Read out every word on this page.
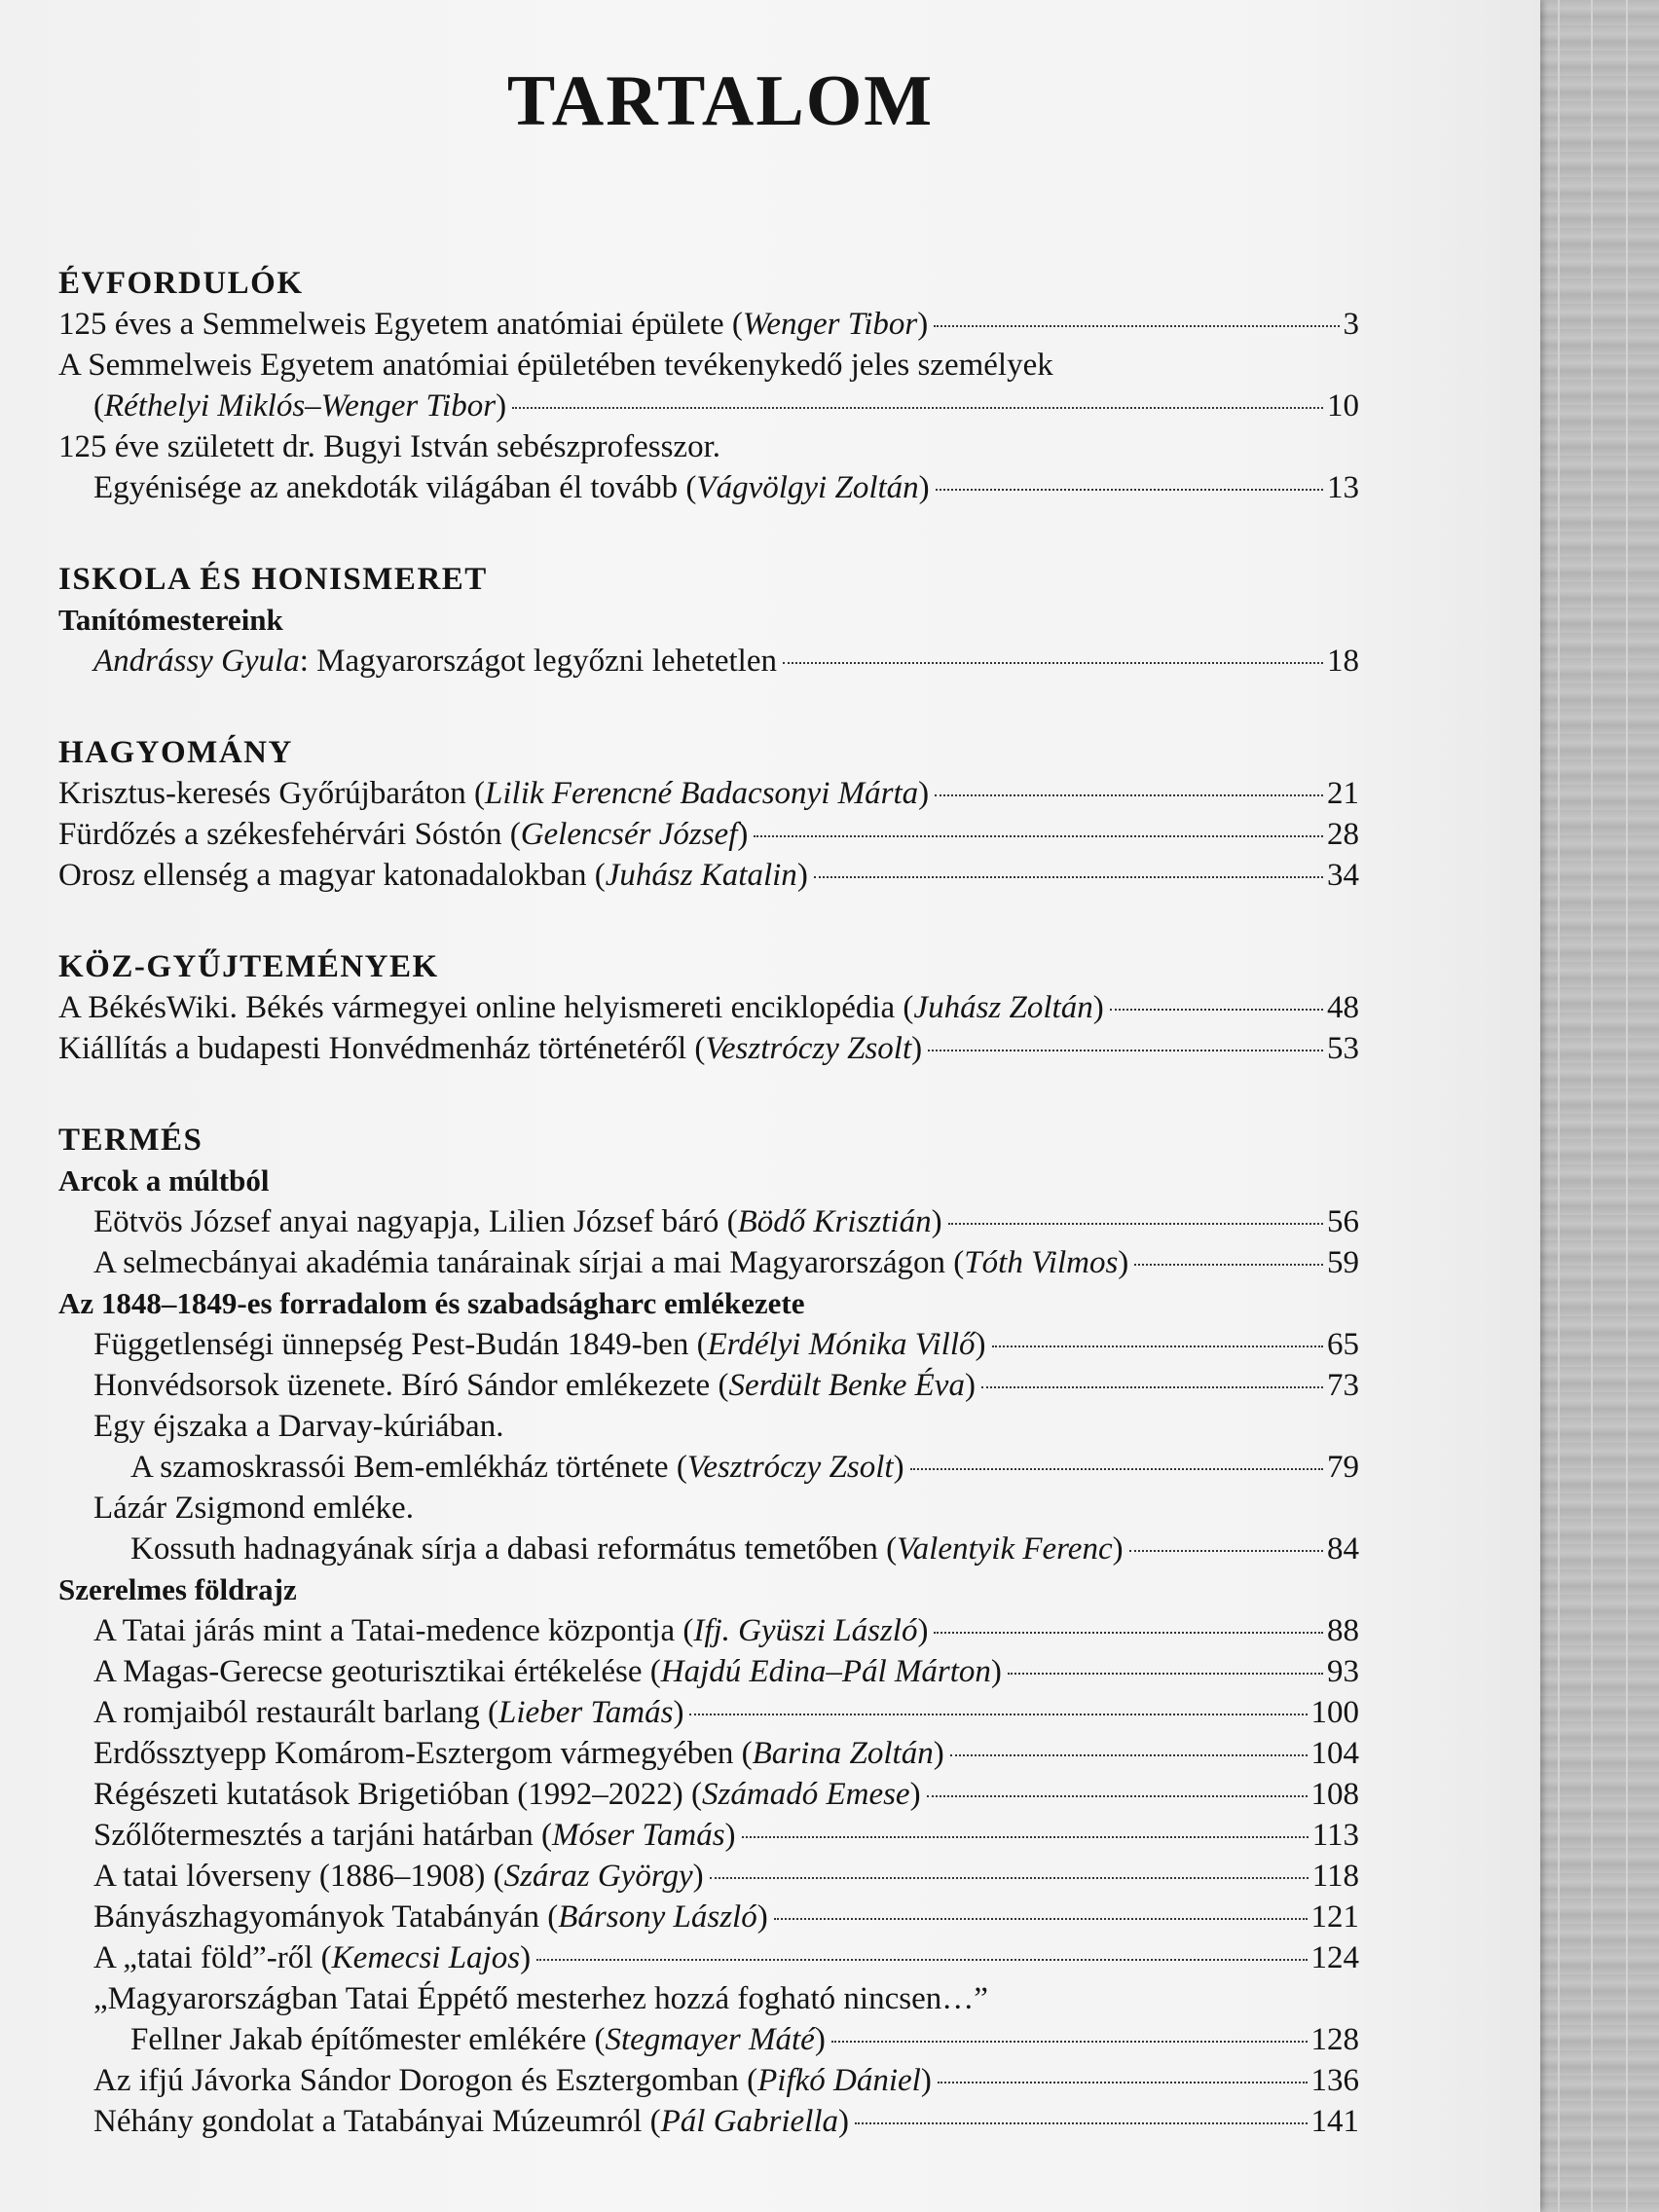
TARTALOM
ÉVFORDULÓK
125 éves a Semmelweis Egyetem anatómiai épülete (Wenger Tibor)	3
A Semmelweis Egyetem anatómiai épületében tevékenykedő jeles személyek
(Réthelyi Miklós–Wenger Tibor)	10
125 éve született dr. Bugyi István sebészprofesszor.
Egyénisége az anekdoták világában él tovább (Vágvölgyi Zoltán)	13
ISKOLA ÉS HONISMERET
Tanítómestereink
Andrássy Gyula: Magyarországot legyőzni lehetetlen	18
HAGYOMÁNY
Krisztus-keresés Győrújbaráton (Lilik Ferencné Badacsonyi Márta)	21
Fürdőzés a székesfehérvári Sóstón (Gelencsér József)	28
Orosz ellenség a magyar katonadalokban (Juhász Katalin)	34
KÖZ-GYŰJTEMÉNYEK
A BékésWiki. Békés vármegyei online helyismereti enciklopédia (Juhász Zoltán)	48
Kiállítás a budapesti Honvédmenház történetéről (Vesztróczy Zsolt)	53
TERMÉS
Arcok a múltból
Eötvös József anyai nagyapja, Lilien József báró (Bödő Krisztián)	56
A selmecbányai akadémia tanárainak sírjai a mai Magyarországon (Tóth Vilmos)	59
Az 1848–1849-es forradalom és szabadságharc emlékezete
Függetlenségi ünnepség Pest-Budán 1849-ben (Erdélyi Mónika Villő)	65
Honvédsorsok üzenete. Bíró Sándor emlékezete (Serdült Benke Éva)	73
Egy éjszaka a Darvay-kúriában.
A szamoskrassói Bem-emlékház története (Vesztróczy Zsolt)	79
Lázár Zsigmond emléke.
Kossuth hadnagyának sírja a dabasi református temetőben (Valentyik Ferenc)	84
Szerelmes földrajz
A Tatai járás mint a Tatai-medence központja (Ifj. Gyüszi László)	88
A Magas-Gerecse geoturisztikai értékelése (Hajdú Edina–Pál Márton)	93
A romjaiból restaurált barlang (Lieber Tamás)	100
Erdőssztyepp Komárom-Esztergom vármegyében (Barina Zoltán)	104
Régészeti kutatások Brigetióban (1992–2022) (Számadó Emese)	108
Szőlőtermesztés a tarjáni határban (Móser Tamás)	113
A tatai lóverseny (1886–1908) (Száraz György)	118
Bányászhagyományok Tatabányán (Bársony László)	121
A „tatai föld”-ről (Kemecsi Lajos)	124
„Magyarországban Tatai Éppétő mesterhez hozzá fogható nincsen…”
Fellner Jakab építőmester emlékére (Stegmayer Máté)	128
Az ifjú Jávorka Sándor Dorogon és Esztergomban (Pifkó Dániel)	136
Néhány gondolat a Tatabányai Múzeumról (Pál Gabriella)	141
